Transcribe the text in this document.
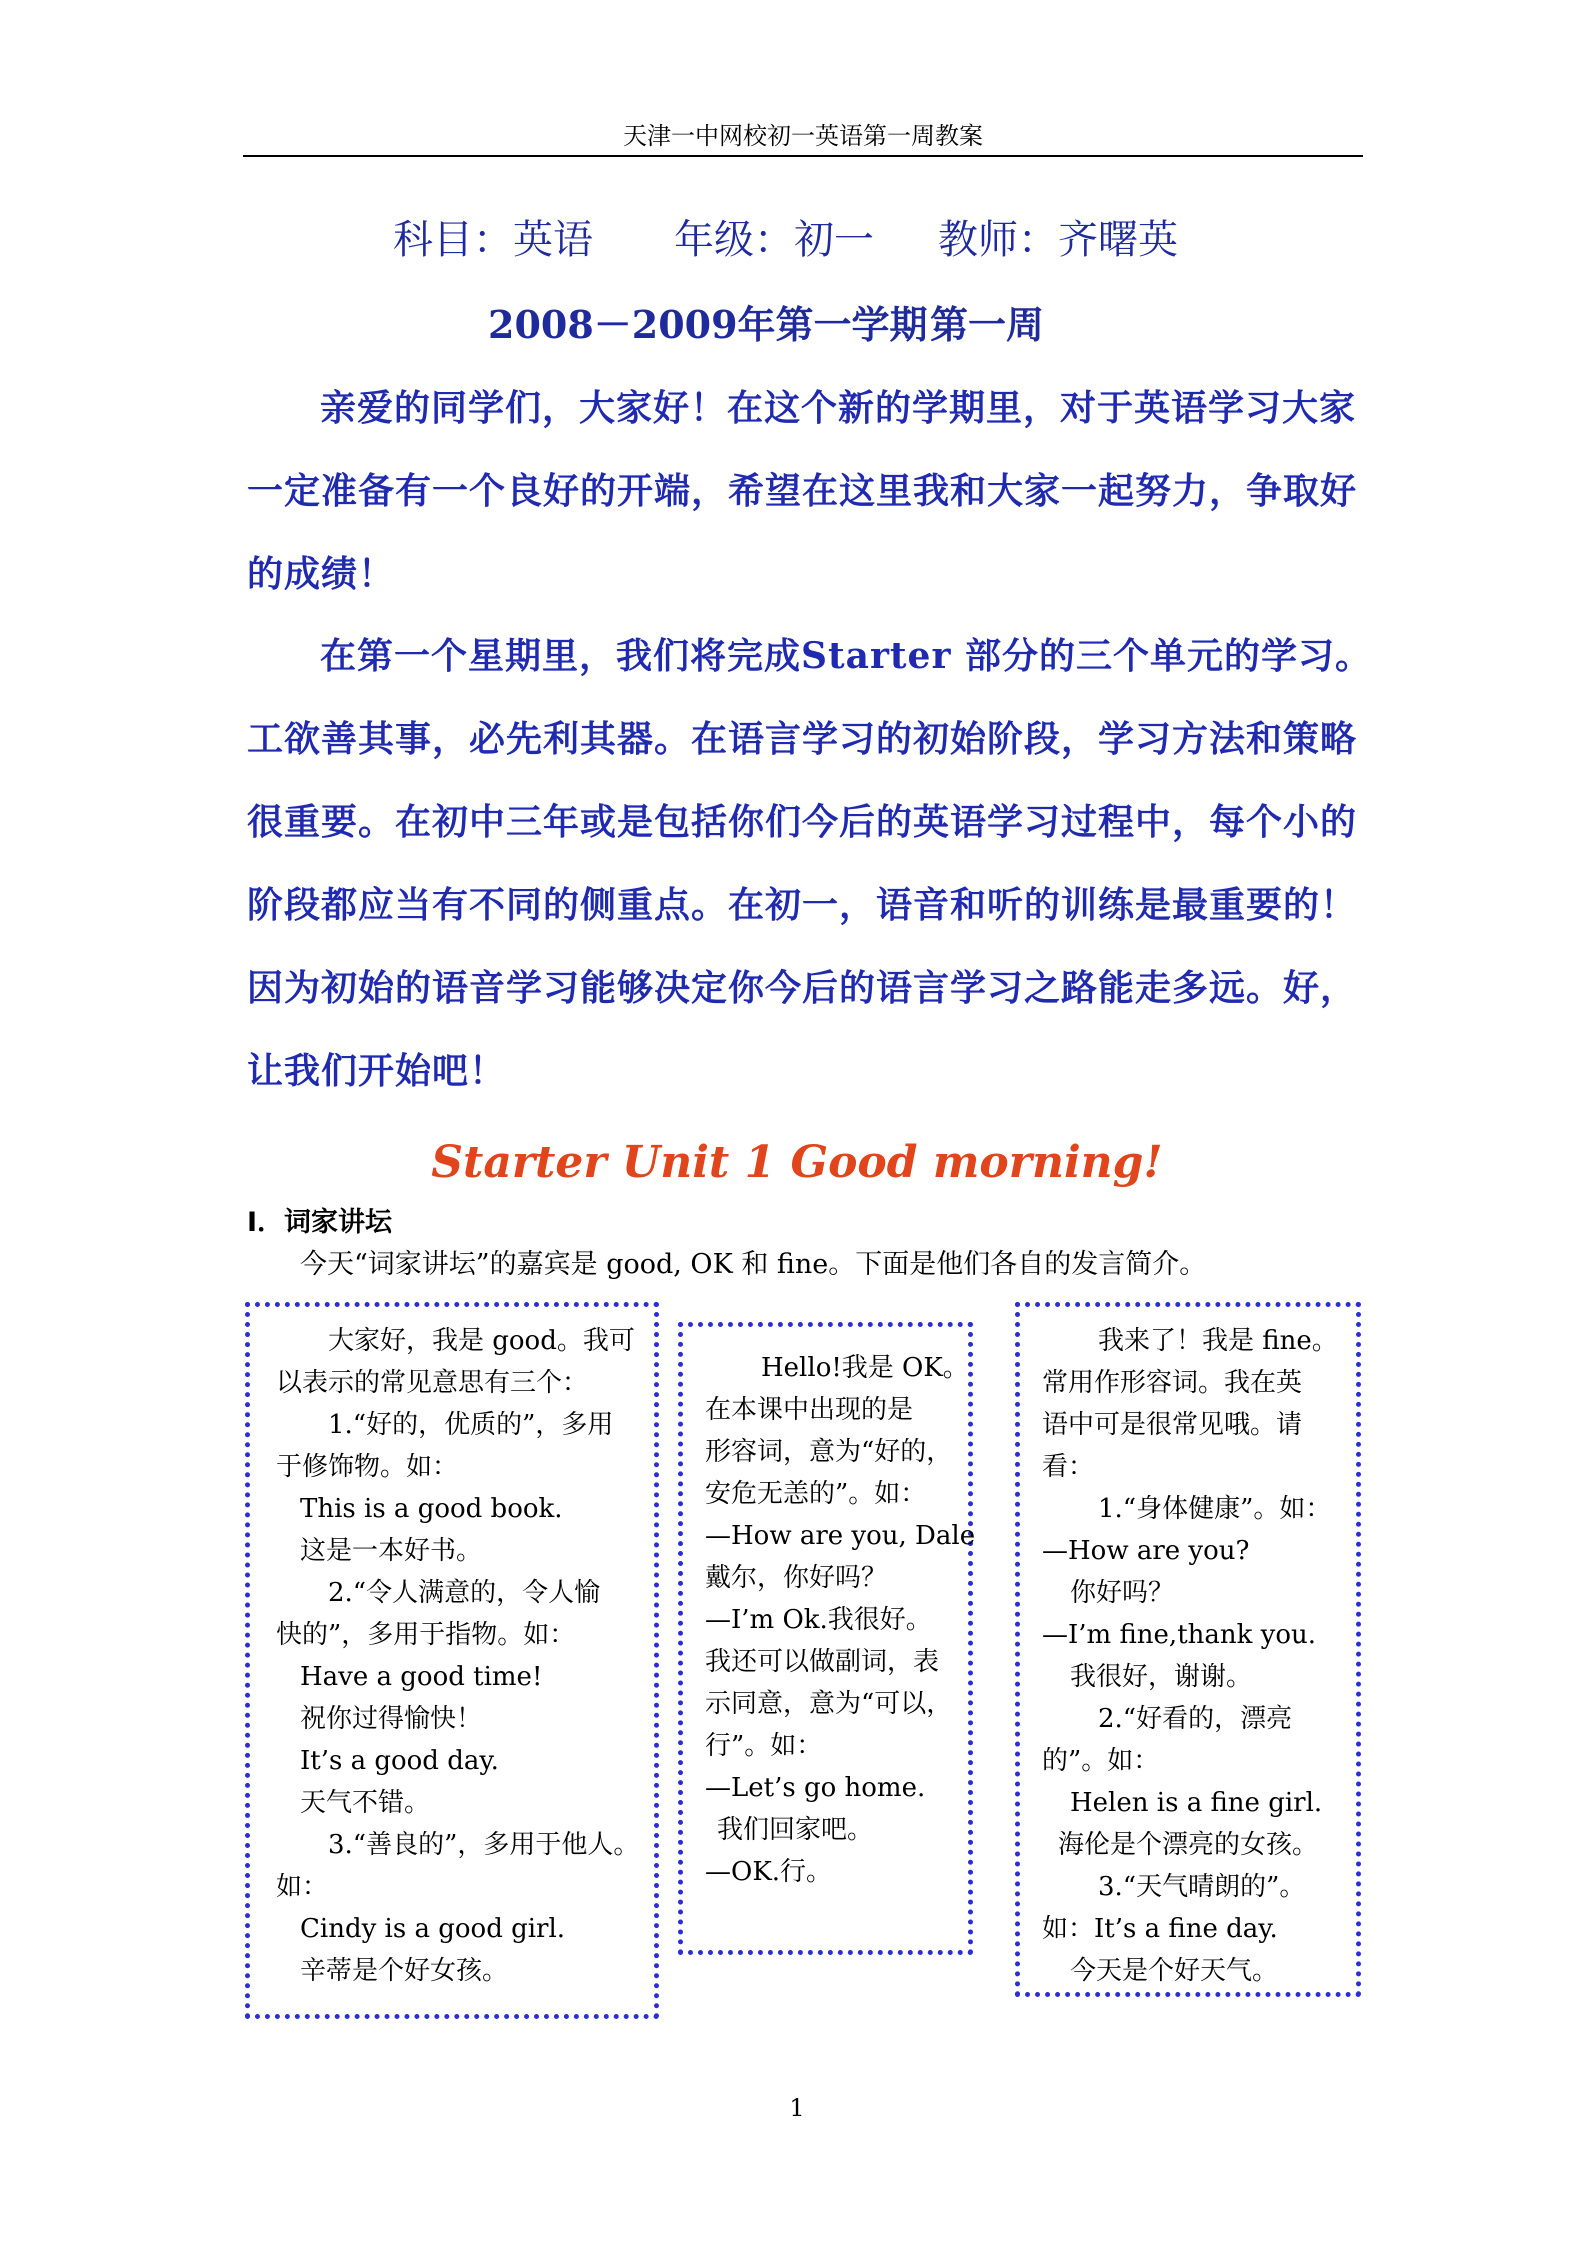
天津一中网校初一英语第一周教案
科目：英语 年级：初一 教师：齐曙英
2008－2009年第一学期 第一周
亲爱的同学们，大家好！在这个新的学期里，对于英语学习大家
一定准备有一个良好的开端，希望在这里我和大家一起努力，争取好
的成绩！
在第一个星期里，我们将完成Starter 部分的三个单元的学习。
工欲善其事，必先利其器。在语言学习的初始阶段，学习方法和策略
很重要。在初中三年或是包括你们今后的英语学习过程中，每个小的
阶段都应当有不同的侧重点。在初一，语音和听的训练是最重要的！
因为初始的语音学习能够决定你今后的语言学习之路能走多远。好，
让我们开始吧！
Starter Unit 1 Good morning!
I．词家讲坛
今天“词家讲坛”的嘉宾是 good, OK 和 fine。下面是他们各自的发言简介。
大家好，我是 good。我可
以表示的常见意思有三个：
1.“好的，优质的”，多用
于修饰物。如：
This is a good book.
这是一本好书。
2.“令人满意的，令人愉
快的”，多用于指物。如：
Have a good time!
祝你过得愉快！
It’s a good day.
天气不错。
3.“善良的”，多用于他人。
如：
Cindy is a good girl.
辛蒂是个好女孩。
Hello!我是 OK。
在本课中出现的是
形容词，意为“好的，
安危无恙的”。如：
—How are you, Dale
戴尔，你好吗？
—I’m Ok.我很好。
我还可以做副词，表
示同意，意为“可以，
行”。如：
—Let’s go home.
我们回家吧。
—OK.行。
我来了！我是 fine。
常用作形容词。我在英
语中可是很常见哦。请
看：
1.“身体健康”。如：
—How are you?
你好吗？
—I’m fine,thank you.
我很好，谢谢。
2.“好看的，漂亮
的”。如：
Helen is a fine girl.
海伦是个漂亮的女孩。
3.“天气晴朗的”。
如：It’s a fine day.
今天是个好天气。
1
